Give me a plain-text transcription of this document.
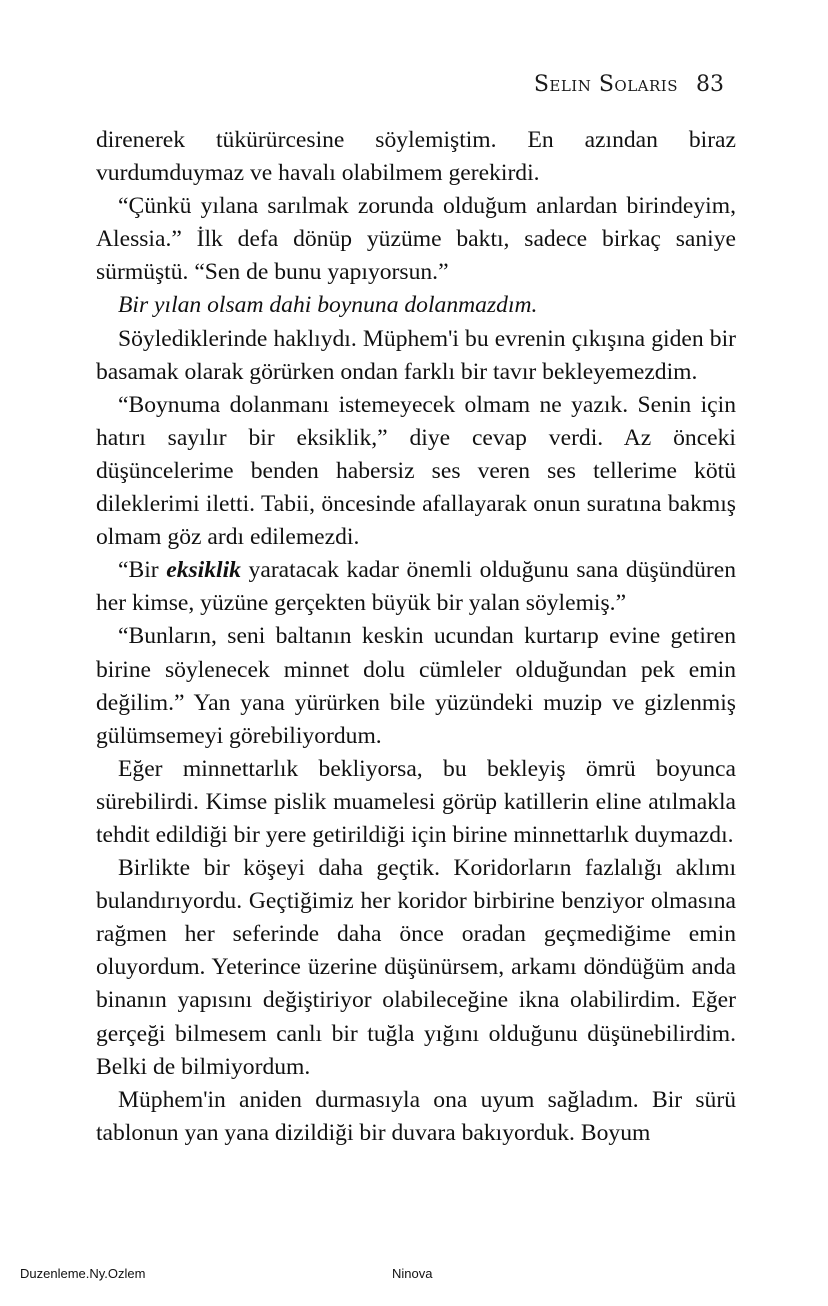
Selin Solaris 83

direnerek tükürürcesine söylemiştim. En azından biraz vurdumduymaz ve havalı olabilmem gerekirdi.

“Çünkü yılana sarılmak zorunda olduğum anlardan birindeyim, Alessia.” İlk defa dönüp yüzüme baktı, sadece birkaç saniye sürmüştü. “Sen de bunu yapıyorsun.”

Bir yılan olsam dahi boynuna dolanmazdım.

Söylediklerinde haklıydı. Müphem'i bu evrenin çıkışına giden bir basamak olarak görürken ondan farklı bir tavır bekleyemezdim.

“Boynuma dolanmanı istemeyecek olmam ne yazık. Senin için hatırı sayılır bir eksiklik,” diye cevap verdi. Az önceki düşüncelerime benden habersiz ses veren ses tellerime kötü dileklerimi iletti. Tabii, öncesinde afallayarak onun suratına bakmış olmam göz ardı edilemezdi.

“Bir eksiklik yaratacak kadar önemli olduğunu sana düşündüren her kimse, yüzüne gerçekten büyük bir yalan söylemiş.”

“Bunların, seni baltanın keskin ucundan kurtarıp evine getiren birine söylenecek minnet dolu cümleler olduğundan pek emin değilim.” Yan yana yürürken bile yüzündeki muzip ve gizlenmiş gülümsemeyi görebiliyordum.

Eğer minnettarlık bekliyorsa, bu bekleyiş ömrü boyunca sürebilirdi. Kimse pislik muamelesi görüp katillerin eline atılmakla tehdit edildiği bir yere getirildiği için birine minnettarlık duymazdı.

Birlikte bir köşeyi daha geçtik. Koridorların fazlalığı aklımı bulandırıyordu. Geçtiğimiz her koridor birbirine benziyor olmasına rağmen her seferinde daha önce oradan geçmediğime emin oluyordum. Yeterince üzerine düşünürsem, arkamı döndüğüm anda binanın yapısını değiştiriyor olabileceğine ikna olabilirdim. Eğer gerçeği bilmesem canlı bir tuğla yığını olduğunu düşünebilirdim. Belki de bilmiyordum.

Müphem'in aniden durmasıyla ona uyum sağladım. Bir sürü tablonun yan yana dizildiği bir duvara bakıyorduk. Boyum

Duzenleme.Ny.Ozlem	Ninova
